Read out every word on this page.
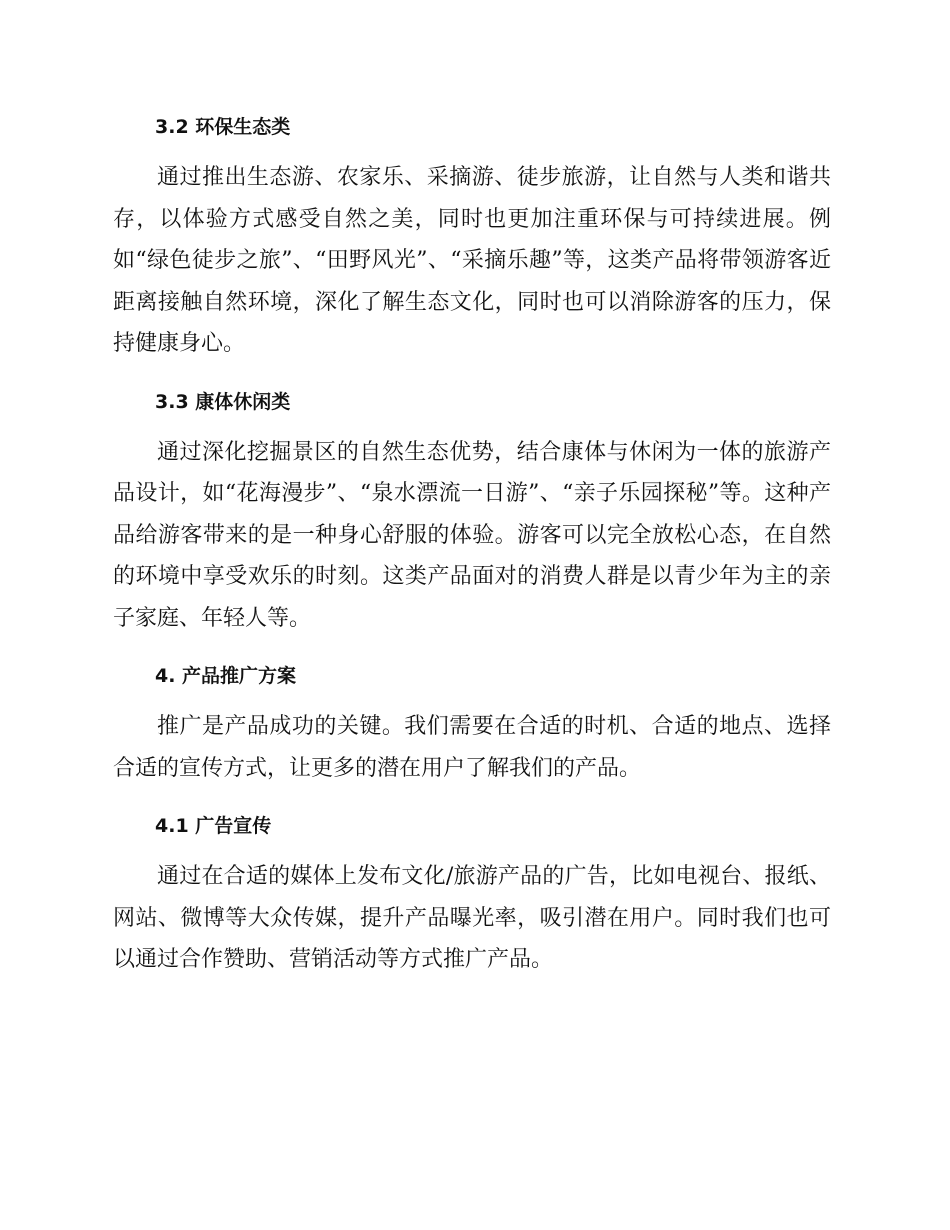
3.2 环保生态类

通过推出生态游、农家乐、采摘游、徒步旅游，让自然与人类和谐共存，以体验方式感受自然之美，同时也更加注重环保与可持续进展。例如“绿色徒步之旅”、“田野风光”、“采摘乐趣”等，这类产品将带领游客近距离接触自然环境，深化了解生态文化，同时也可以消除游客的压力，保持健康身心。

3.3 康体休闲类

通过深化挖掘景区的自然生态优势，结合康体与休闲为一体的旅游产品设计，如“花海漫步”、“泉水漂流一日游”、“亲子乐园探秘”等。这种产品给游客带来的是一种身心舒服的体验。游客可以完全放松心态，在自然的环境中享受欢乐的时刻。这类产品面对的消费人群是以青少年为主的亲子家庭、年轻人等。

4. 产品推广方案

推广是产品成功的关键。我们需要在合适的时机、合适的地点、选择合适的宣传方式，让更多的潜在用户了解我们的产品。

4.1 广告宣传

通过在合适的媒体上发布文化/旅游产品的广告，比如电视台、报纸、网站、微博等大众传媒，提升产品曝光率，吸引潜在用户。同时我们也可以通过合作赞助、营销活动等方式推广产品。
